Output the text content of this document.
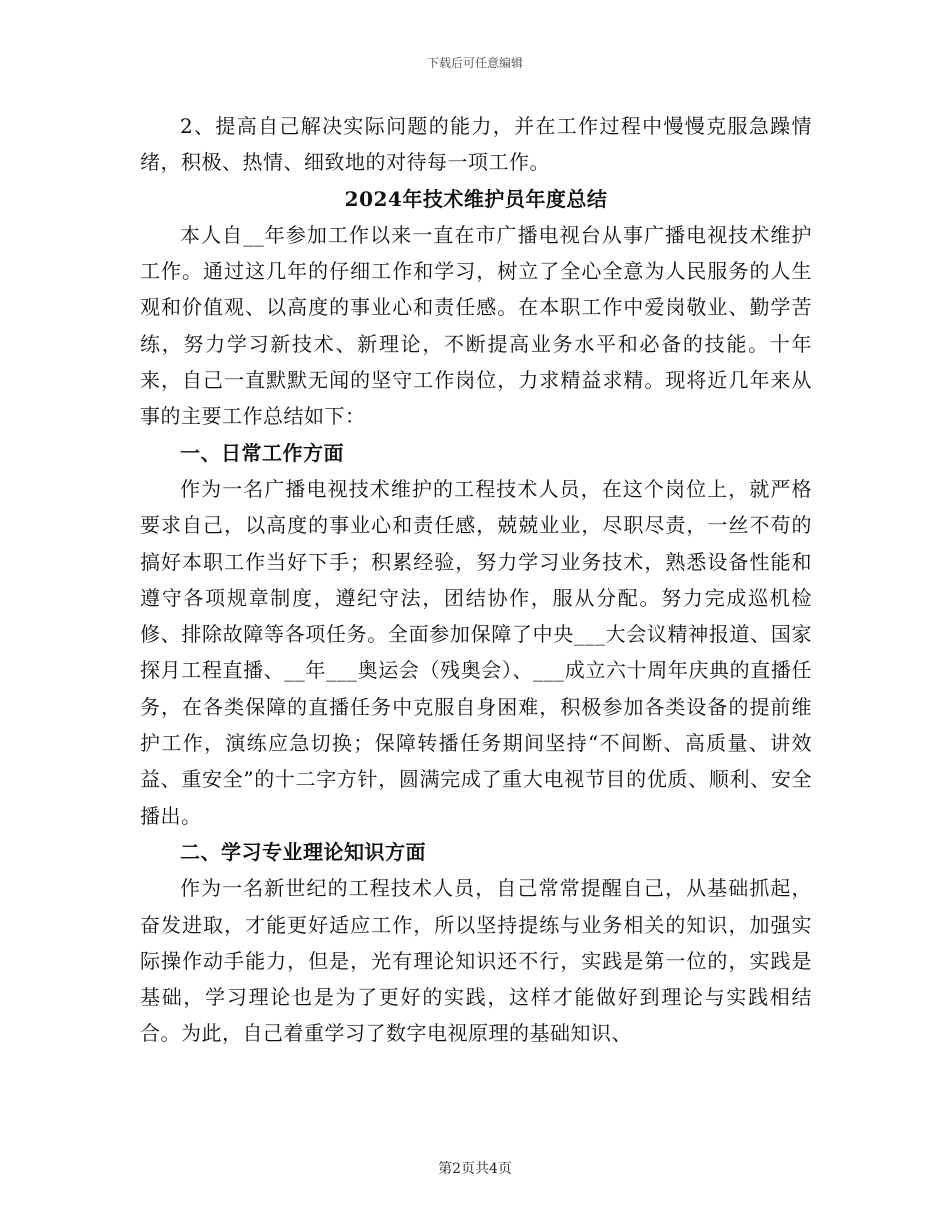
下载后可任意编辑

2、提高自己解决实际问题的能力，并在工作过程中慢慢克服急躁情绪，积极、热情、细致地的对待每一项工作。

2024年技术维护员年度总结

本人自__年参加工作以来一直在市广播电视台从事广播电视技术维护工作。通过这几年的仔细工作和学习，树立了全心全意为人民服务的人生观和价值观、以高度的事业心和责任感。在本职工作中爱岗敬业、勤学苦练，努力学习新技术、新理论，不断提高业务水平和必备的技能。十年来，自己一直默默无闻的坚守工作岗位，力求精益求精。现将近几年来从事的主要工作总结如下：

一、日常工作方面

作为一名广播电视技术维护的工程技术人员，在这个岗位上，就严格要求自己，以高度的事业心和责任感，兢兢业业，尽职尽责，一丝不苟的搞好本职工作当好下手；积累经验，努力学习业务技术，熟悉设备性能和遵守各项规章制度，遵纪守法，团结协作，服从分配。努力完成巡机检修、排除故障等各项任务。全面参加保障了中央___大会议精神报道、国家探月工程直播、__年___奥运会（残奥会）、___成立六十周年庆典的直播任务，在各类保障的直播任务中克服自身困难，积极参加各类设备的提前维护工作，演练应急切换；保障转播任务期间坚持“不间断、高质量、讲效益、重安全”的十二字方针，圆满完成了重大电视节目的优质、顺利、安全播出。

二、学习专业理论知识方面

作为一名新世纪的工程技术人员，自己常常提醒自己，从基础抓起，奋发进取，才能更好适应工作，所以坚持提练与业务相关的知识，加强实际操作动手能力，但是，光有理论知识还不行，实践是第一位的，实践是基础，学习理论也是为了更好的实践，这样才能做好到理论与实践相结合。为此，自己着重学习了数字电视原理的基础知识、

第2页共4页
